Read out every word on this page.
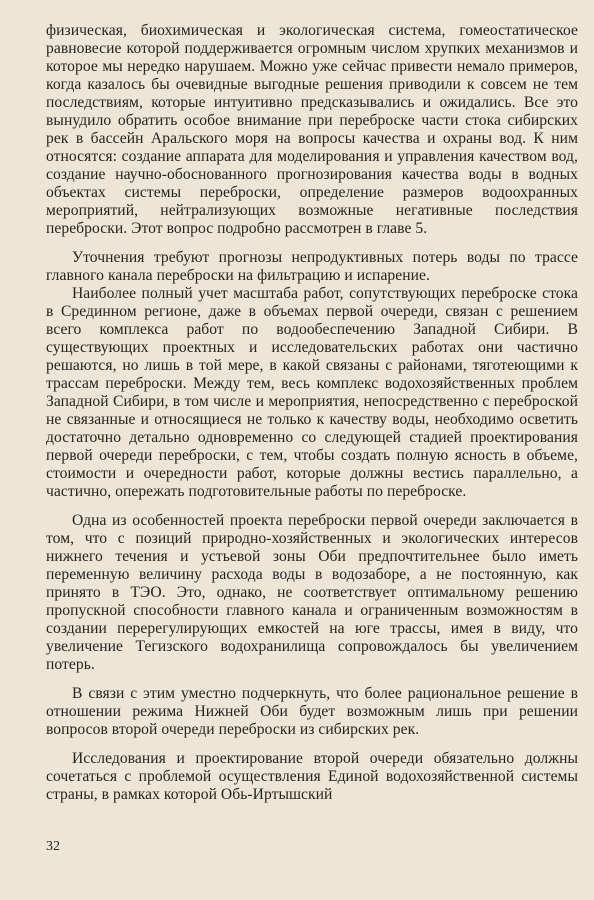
физическая, биохимическая и экологическая система, гомеостатическое равновесие которой поддерживается огромным числом хрупких механизмов и которое мы нередко нарушаем. Можно уже сейчас привести немало примеров, когда казалось бы очевидные выгодные решения приводили к совсем не тем последствиям, которые интуитивно предсказывались и ожидались. Все это вынудило обратить особое внимание при переброске части стока сибирских рек в бассейн Аральского моря на вопросы качества и охраны вод. К ним относятся: создание аппарата для моделирования и управления качеством вод, создание научно-обоснованного прогнозирования качества воды в водных объектах системы переброски, определение размеров водоохранных мероприятий, нейтрализующих возможные негативные последствия переброски. Этот вопрос подробно рассмотрен в главе 5.

Уточнения требуют прогнозы непродуктивных потерь воды по трассе главного канала переброски на фильтрацию и испарение.

Наиболее полный учет масштаба работ, сопутствующих переброске стока в Срединном регионе, даже в объемах первой очереди, связан с решением всего комплекса работ по водообеспечению Западной Сибири. В существующих проектных и исследовательских работах они частично решаются, но лишь в той мере, в какой связаны с районами, тяготеющими к трассам переброски. Между тем, весь комплекс водохозяйственных проблем Западной Сибири, в том числе и мероприятия, непосредственно с переброской не связанные и относящиеся не только к качеству воды, необходимо осветить достаточно детально одновременно со следующей стадией проектирования первой очереди переброски, с тем, чтобы создать полную ясность в объеме, стоимости и очередности работ, которые должны вестись параллельно, а частично, опережать подготовительные работы по переброске.

Одна из особенностей проекта переброски первой очереди заключается в том, что с позиций природно-хозяйственных и экологических интересов нижнего течения и устьевой зоны Оби предпочтительнее было иметь переменную величину расхода воды в водозаборе, а не постоянную, как принято в ТЭО. Это, однако, не соответствует оптимальному решению пропускной способности главного канала и ограниченным возможностям в создании перерегулирующих емкостей на юге трассы, имея в виду, что увеличение Тегизского водохранилища сопровождалось бы увеличением потерь.

В связи с этим уместно подчеркнуть, что более рациональное решение в отношении режима Нижней Оби будет возможным лишь при решении вопросов второй очереди переброски из сибирских рек.

Исследования и проектирование второй очереди обязательно должны сочетаться с проблемой осуществления Единой водохозяйственной системы страны, в рамках которой Обь-Иртышский

32
